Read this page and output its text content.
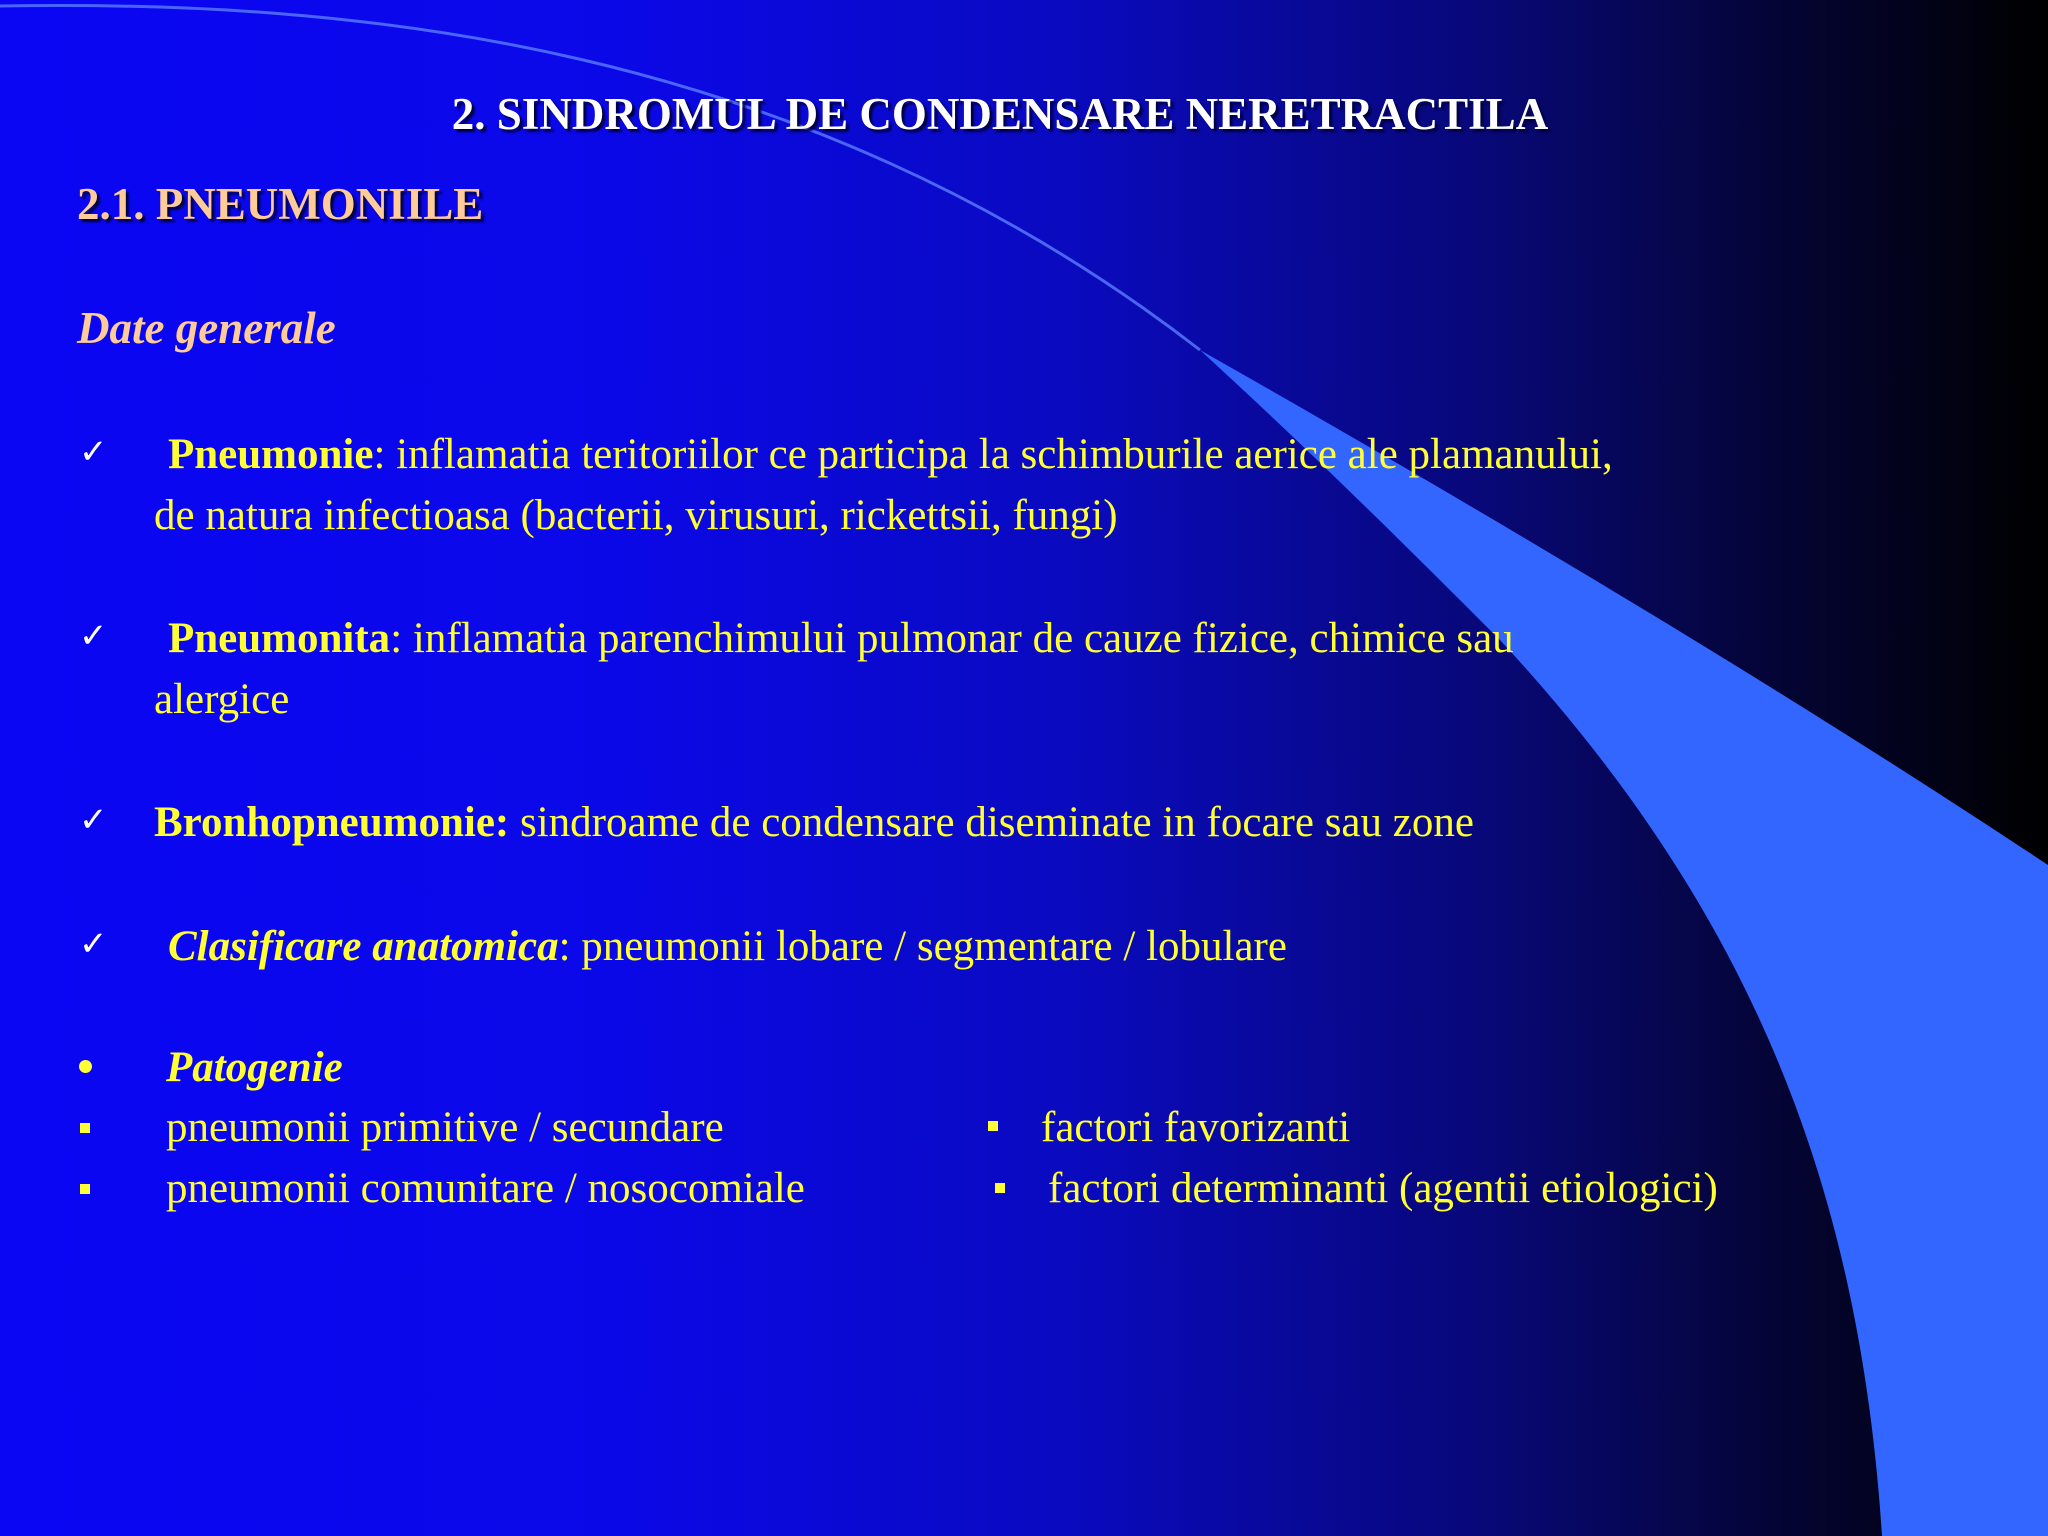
2. SINDROMUL DE CONDENSARE NERETRACTILA
2.1. PNEUMONIILE
Date generale
✓ Pneumonie: inflamatia teritoriilor ce participa la schimburile aerice ale plamanului,
de natura infectioasa (bacterii, virusuri, rickettsii, fungi)
✓ Pneumonita: inflamatia parenchimului pulmonar de cauze fizice, chimice sau
alergice
✓ Bronhopneumonie: sindroame de condensare diseminate in focare sau zone
✓ Clasificare anatomica: pneumonii lobare / segmentare / lobulare
Patogenie
pneumonii primitive / secundare	factori favorizanti
pneumonii comunitare / nosocomiale	factori determinanti (agentii etiologici)
